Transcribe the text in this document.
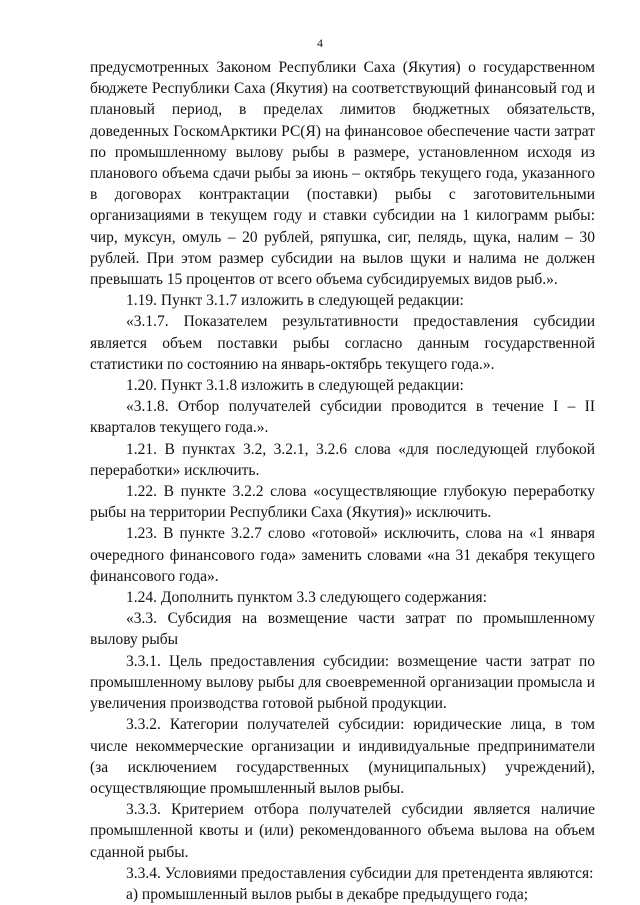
4

предусмотренных Законом Республики Саха (Якутия) о государственном бюджете Республики Саха (Якутия) на соответствующий финансовый год и плановый период, в пределах лимитов бюджетных обязательств, доведенных ГоскомАрктики РС(Я) на финансовое обеспечение части затрат по промышленному вылову рыбы в размере, установленном исходя из планового объема сдачи рыбы за июнь – октябрь текущего года, указанного в договорах контрактации (поставки) рыбы с заготовительными организациями в текущем году и ставки субсидии на 1 килограмм рыбы: чир, муксун, омуль – 20 рублей, ряпушка, сиг, пелядь, щука, налим – 30 рублей. При этом размер субсидии на вылов щуки и налима не должен превышать 15 процентов от всего объема субсидируемых видов рыб.».

1.19. Пункт 3.1.7 изложить в следующей редакции:

«3.1.7. Показателем результативности предоставления субсидии является объем поставки рыбы согласно данным государственной статистики по состоянию на январь-октябрь текущего года.».

1.20. Пункт 3.1.8 изложить в следующей редакции:

«3.1.8. Отбор получателей субсидии проводится в течение I – II кварталов текущего года.».

1.21. В пунктах 3.2, 3.2.1, 3.2.6 слова «для последующей глубокой переработки» исключить.

1.22. В пункте 3.2.2 слова «осуществляющие глубокую переработку рыбы на территории Республики Саха (Якутия)» исключить.

1.23. В пункте 3.2.7 слово «готовой» исключить, слова на «1 января очередного финансового года» заменить словами «на 31 декабря текущего финансового года».

1.24. Дополнить пунктом 3.3 следующего содержания:

«3.3. Субсидия на возмещение части затрат по промышленному вылову рыбы

3.3.1. Цель предоставления субсидии: возмещение части затрат по промышленному вылову рыбы для своевременной организации промысла и увеличения производства готовой рыбной продукции.

3.3.2. Категории получателей субсидии: юридические лица, в том числе некоммерческие организации и индивидуальные предприниматели (за исключением государственных (муниципальных) учреждений), осуществляющие промышленный вылов рыбы.

3.3.3. Критерием отбора получателей субсидии является наличие промышленной квоты и (или) рекомендованного объема вылова на объем сданной рыбы.

3.3.4. Условиями предоставления субсидии для претендента являются:

а) промышленный вылов рыбы в декабре предыдущего года;
